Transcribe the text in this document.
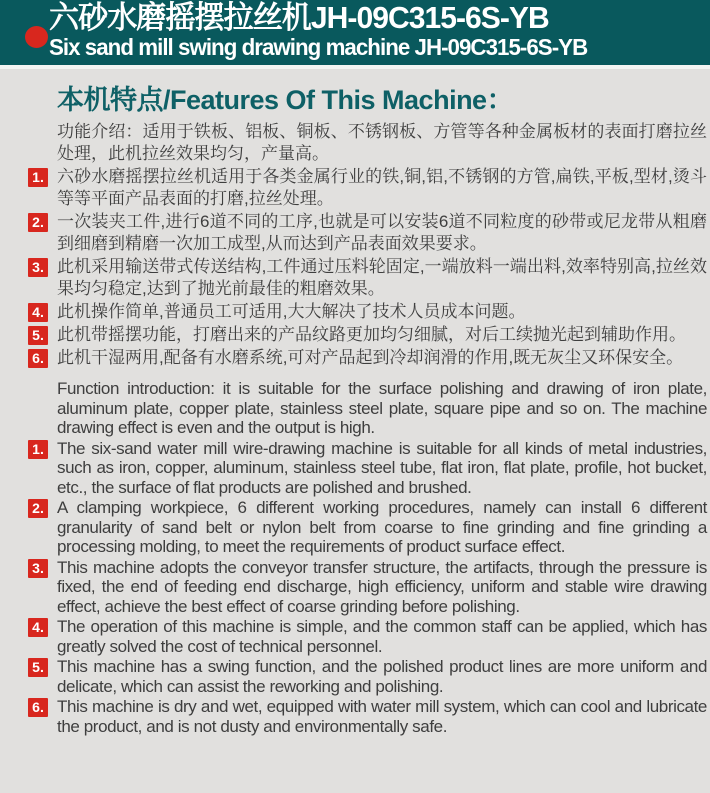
六砂水磨摇摆拉丝机JH-09C315-6S-YB
Six sand mill swing drawing machine JH-09C315-6S-YB
本机特点/Features Of This Machine：
功能介绍：适用于铁板、铝板、铜板、不锈钢板、方管等各种金属板材的表面打磨拉丝处理，此机拉丝效果均匀，产量高。
1. 六砂水磨摇摆拉丝机适用于各类金属行业的铁,铜,铝,不锈钢的方管,扁铁,平板,型材,烫斗等等平面产品表面的打磨,拉丝处理。
2. 一次装夹工件,进行6道不同的工序,也就是可以安装6道不同粒度的砂带或尼龙带从粗磨到细磨到精磨一次加工成型,从而达到产品表面效果要求。
3. 此机采用输送带式传送结构,工件通过压料轮固定,一端放料一端出料,效率特别高,拉丝效果均匀稳定,达到了抛光前最佳的粗磨效果。
4. 此机操作简单,普通员工可适用,大大解决了技术人员成本问题。
5. 此机带摇摆功能，打磨出来的产品纹路更加均匀细腻，对后工续抛光起到辅助作用。
6. 此机干湿两用,配备有水磨系统,可对产品起到冷却润滑的作用,既无灰尘又环保安全。
Function introduction: it is suitable for the surface polishing and drawing of iron plate, aluminum plate, copper plate, stainless steel plate, square pipe and so on. The machine drawing effect is even and the output is high.
1. The six-sand water mill wire-drawing machine is suitable for all kinds of metal industries, such as iron, copper, aluminum, stainless steel tube, flat iron, flat plate, profile, hot bucket, etc., the surface of flat products are polished and brushed.
2. A clamping workpiece, 6 different working procedures, namely can install 6 different granularity of sand belt or nylon belt from coarse to fine grinding and fine grinding a processing molding, to meet the requirements of product surface effect.
3. This machine adopts the conveyor transfer structure, the artifacts, through the pressure is fixed, the end of feeding end discharge, high efficiency, uniform and stable wire drawing effect, achieve the best effect of coarse grinding before polishing.
4. The operation of this machine is simple, and the common staff can be applied, which has greatly solved the cost of technical personnel.
5. This machine has a swing function, and the polished product lines are more uniform and delicate, which can assist the reworking and polishing.
6. This machine is dry and wet, equipped with water mill system, which can cool and lubricate the product, and is not dusty and environmentally safe.
